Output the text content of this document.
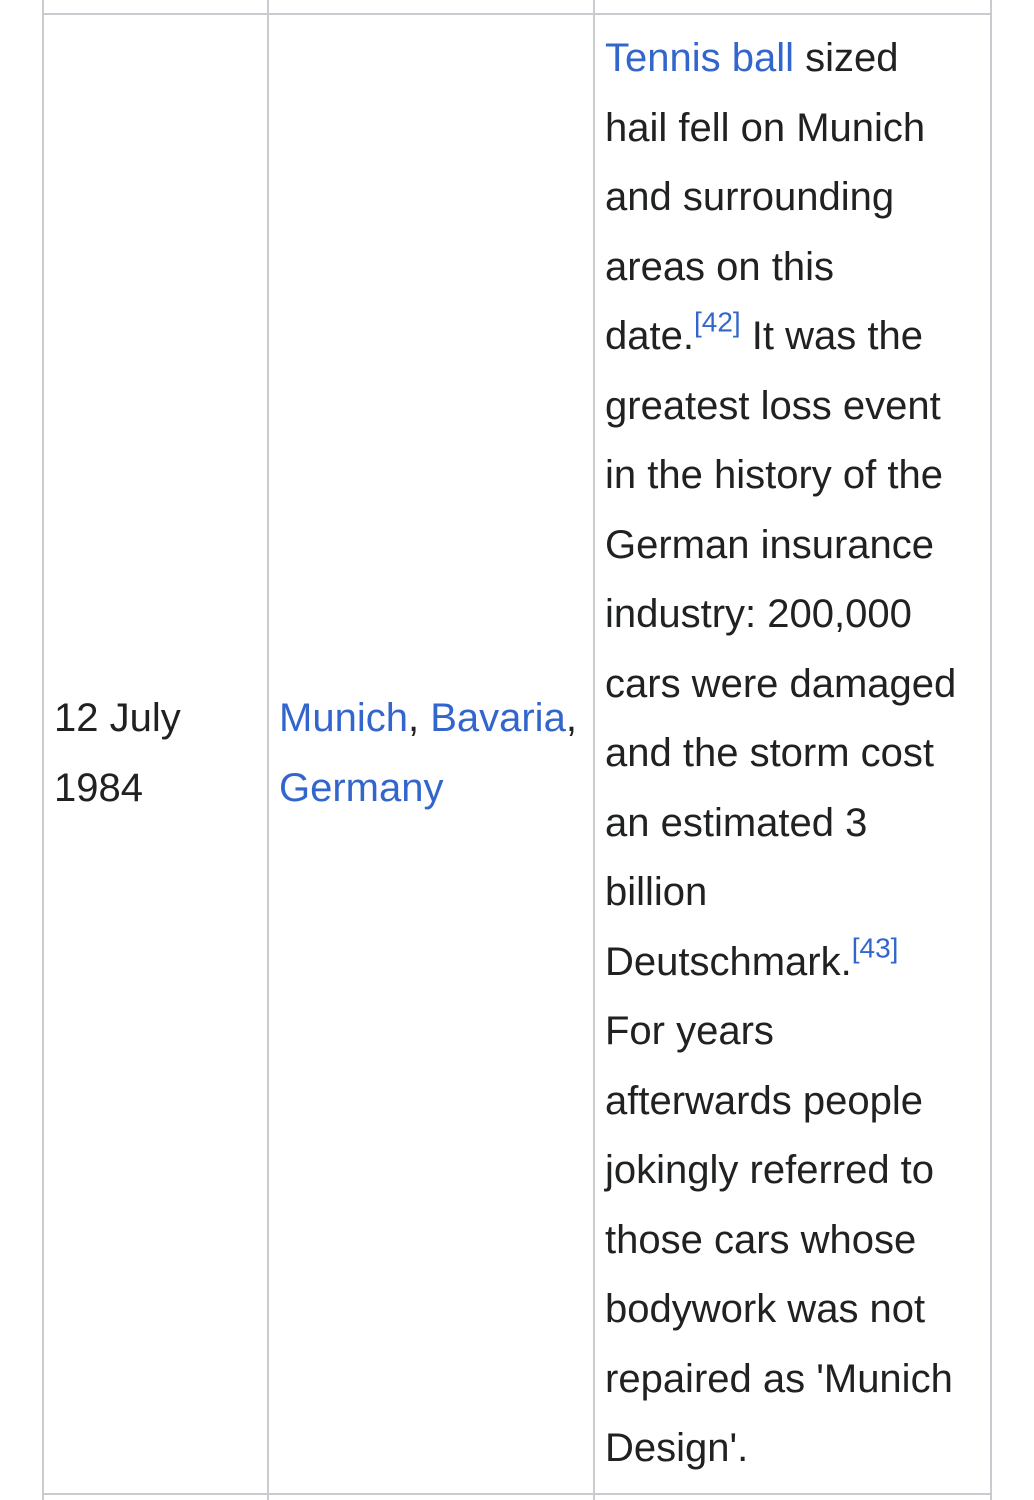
12 July 1984
Munich, Bavaria, Germany
Tennis ball sized
hail fell on Munich
and surrounding
areas on this
date.[42] It was the
greatest loss event
in the history of the
German insurance
industry: 200,000
cars were damaged
and the storm cost
an estimated 3
billion
Deutschmark.[43]
For years
afterwards people
jokingly referred to
those cars whose
bodywork was not
repaired as 'Munich
Design'.
